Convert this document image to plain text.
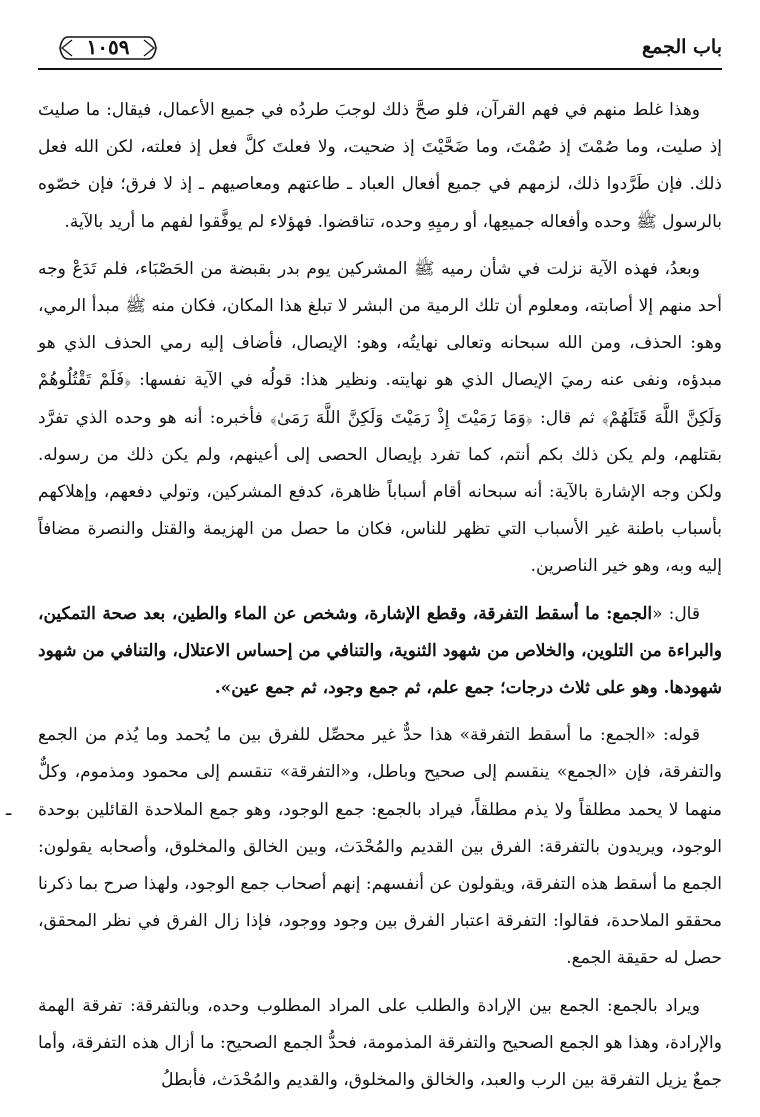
باب الجمع
١٠٥٩

وهذا غلط منهم في فهم القرآن، فلو صحَّ ذلك لوجبَ طردُه في جميع الأعمال، فيقال: ما صليتَ إذ صليت، وما صُمْتَ إذ صُمْتَ، وما ضَحَّيْتَ إذ ضحيت، ولا فعلتَ كلَّ فعل إذ فعلته، لكن الله فعل ذلك. فإن طَرَّدوا ذلك، لزمهم في جميع أفعال العباد ـ طاعتهم ومعاصيهم ـ إذ لا فرق؛ فإن خصّوه بالرسول ﷺ وحده وأفعاله جميعِها، أو رميِهِ وحده، تناقضوا. فهؤلاء لم يوفَّقوا لفهم ما أريد بالآية.

وبعدُ، فهذه الآية نزلت في شأن رميه ﷺ المشركين يوم بدر بقبضة من الحَصْبَاء، فلم تَدَعْ وجه أحد منهم إلا أصابته، ومعلوم أن تلك الرمية من البشر لا تبلغ هذا المكان، فكان منه ﷺ مبدأ الرمي، وهو: الحذف، ومن الله سبحانه وتعالى نهايتُه، وهو: الإيصال، فأضاف إليه رمي الحذف الذي هو مبدؤه، ونفى عنه رميَ الإيصال الذي هو نهايته. ونظير هذا: قولُه في الآية نفسها: ﴿فَلَمْ تَقْتُلُوهُمْ وَلَكِنَّ اللَّهَ قَتَلَهُمْ﴾ ثم قال: ﴿وَمَا رَمَيْتَ إِذْ رَمَيْتَ وَلَكِنَّ اللَّهَ رَمَىٰ﴾ فأخبره: أنه هو وحده الذي تفرَّد بقتلهم، ولم يكن ذلك بكم أنتم، كما تفرد بإيصال الحصى إلى أعينهم، ولم يكن ذلك من رسوله. ولكن وجه الإشارة بالآية: أنه سبحانه أقام أسباباً ظاهرة، كدفع المشركين، وتولي دفعهم، وإهلاكهم بأسباب باطنة غير الأسباب التي تظهر للناس، فكان ما حصل من الهزيمة والقتل والنصرة مضافاً إليه وبه، وهو خير الناصرين.

قال: «الجمع: ما أسقط التفرقة، وقطع الإشارة، وشخص عن الماء والطين، بعد صحة التمكين، والبراءة من التلوين، والخلاص من شهود الثنوية، والتنافي من إحساس الاعتلال، والتنافي من شهود شهودها. وهو على ثلاث درجات؛ جمع علم، ثم جمع وجود، ثم جمع عين».

قوله: «الجمع: ما أسقط التفرقة» هذا حدٌّ غير محصِّل للفرق بين ما يُحمد وما يُذم من الجمع والتفرقة، فإن «الجمع» ينقسم إلى صحيح وباطل، و«التفرقة» تنقسم إلى محمود ومذموم، وكلٌّ منهما لا يحمد مطلقاً ولا يذم مطلقاً، فيراد بالجمع: جمع الوجود، وهو جمع الملاحدة القائلين بوحدة الوجود، ويريدون بالتفرقة: الفرق بين القديم والمُحْدَث، وبين الخالق والمخلوق، وأصحابه يقولون: الجمع ما أسقط هذه التفرقة، ويقولون عن أنفسهم: إنهم أصحاب جمع الوجود، ولهذا صرح بما ذكرنا محققو الملاحدة، فقالوا: التفرقة اعتبار الفرق بين وجود ووجود، فإذا زال الفرق في نظر المحقق، حصل له حقيقة الجمع.
ـ

ويراد بالجمع: الجمع بين الإرادة والطلب على المراد المطلوب وحده، وبالتفرقة: تفرقة الهمة والإرادة، وهذا هو الجمع الصحيح والتفرقة المذمومة، فحدُّ الجمع الصحيح: ما أزال هذه التفرقة، وأما جمعٌ يزيل التفرقة بين الرب والعبد، والخالق والمخلوق، والقديم والمُحْدَث، فأبطلُ
